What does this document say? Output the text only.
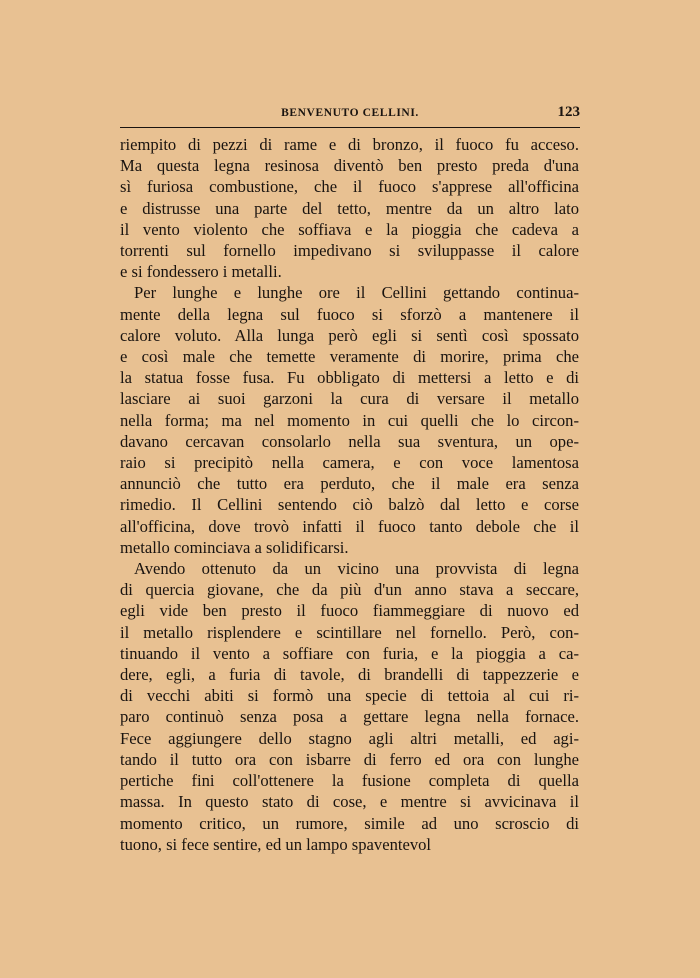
BENVENUTO CELLINI.	123
riempito di pezzi di rame e di bronzo, il fuoco fu acceso.
Ma questa legna resinosa diventò ben presto preda d'una
sì furiosa combustione, che il fuoco s'apprese all'officina
e distrusse una parte del tetto, mentre da un altro lato
il vento violento che soffiava e la pioggia che cadeva a
torrenti sul fornello impedivano si sviluppasse il calore
e si fondessero i metalli.
Per lunghe e lunghe ore il Cellini gettando continua-
mente della legna sul fuoco si sforzò a mantenere il
calore voluto. Alla lunga però egli si sentì così spossato
e così male che temette veramente di morire, prima che
la statua fosse fusa. Fu obbligato di mettersi a letto e di
lasciare ai suoi garzoni la cura di versare il metallo
nella forma; ma nel momento in cui quelli che lo circon-
davano cercavan consolarlo nella sua sventura, un ope-
raio si precipitò nella camera, e con voce lamentosa
annunciò che tutto era perduto, che il male era senza
rimedio. Il Cellini sentendo ciò balzò dal letto e corse
all'officina, dove trovò infatti il fuoco tanto debole che il
metallo cominciava a solidificarsi.
Avendo ottenuto da un vicino una provvista di legna
di quercia giovane, che da più d'un anno stava a seccare,
egli vide ben presto il fuoco fiammeggiare di nuovo ed
il metallo risplendere e scintillare nel fornello. Però, con-
tinuando il vento a soffiare con furia, e la pioggia a ca-
dere, egli, a furia di tavole, di brandelli di tappezzerie e
di vecchi abiti si formò una specie di tettoia al cui ri-
paro continuò senza posa a gettare legna nella fornace.
Fece aggiungere dello stagno agli altri metalli, ed agi-
tando il tutto ora con isbarre di ferro ed ora con lunghe
pertiche fini coll'ottenere la fusione completa di quella
massa. In questo stato di cose, e mentre si avvicinava il
momento critico, un rumore, simile ad uno scroscio di
tuono, si fece sentire, ed un lampo spaventevol
